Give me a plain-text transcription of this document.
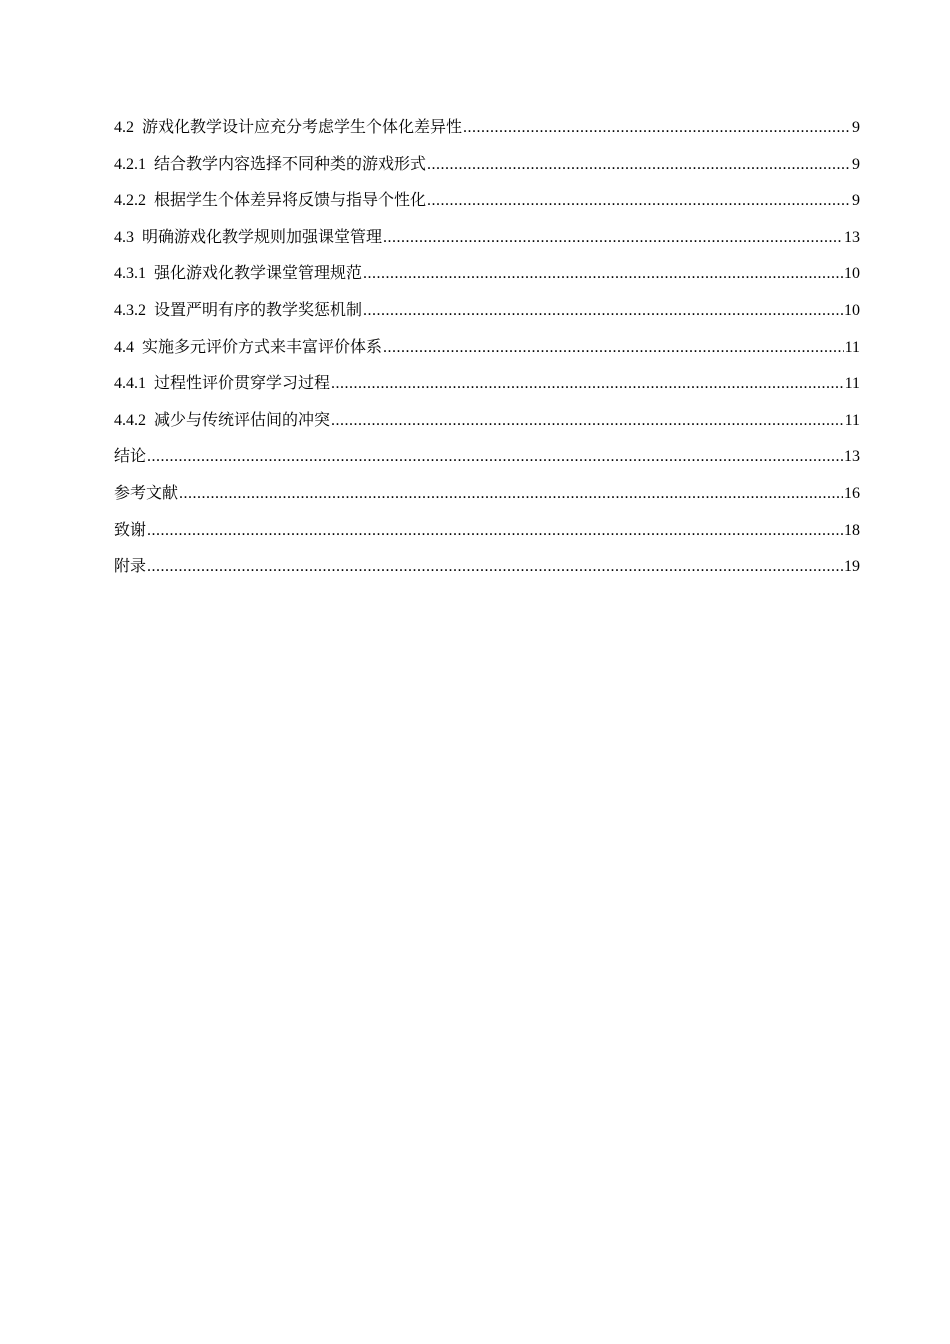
4.2 游戏化教学设计应充分考虑学生个体化差异性 .....	9
4.2.1 结合教学内容选择不同种类的游戏形式 .....	9
4.2.2 根据学生个体差异将反馈与指导个性化 .....	9
4.3 明确游戏化教学规则加强课堂管理 .....	13
4.3.1 强化游戏化教学课堂管理规范 .....	10
4.3.2 设置严明有序的教学奖惩机制 .....	10
4.4 实施多元评价方式来丰富评价体系 .....	11
4.4.1 过程性评价贯穿学习过程 .....	11
4.4.2 减少与传统评估间的冲突 .....	11
结论 .....	13
参考文献 .....	16
致谢 .....	18
附录 .....	19
